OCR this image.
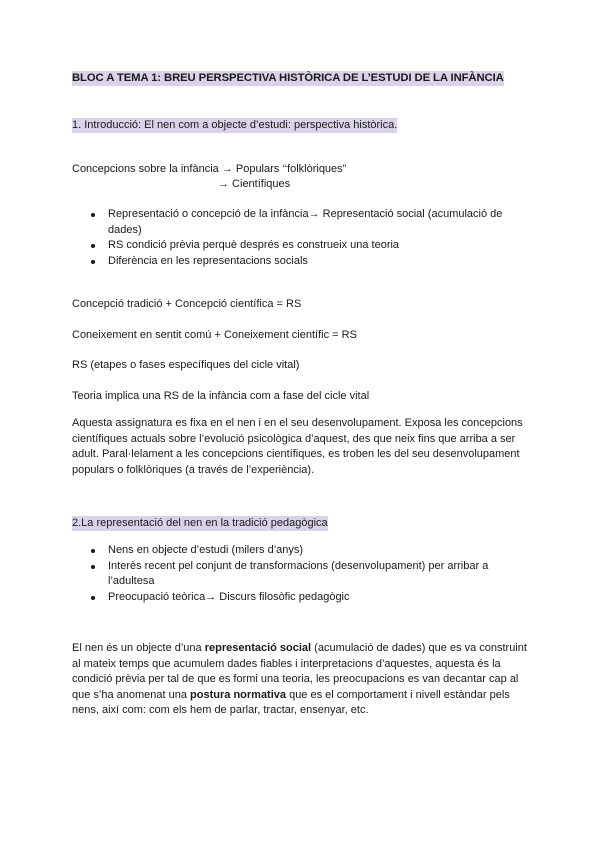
BLOC A TEMA 1: BREU PERSPECTIVA HISTÒRICA DE L’ESTUDI DE LA INFÀNCIA
1. Introducció: El nen com a objecte d’estudi: perspectiva històrica.
Concepcions sobre la infància → Populars ‘‘folklòriques”
→ Científiques
Representació o concepció de la infància→ Representació social (acumulació de dades)
RS condició prèvia perquè després es construeix una teoria
Diferència en les representacions socials
Concepció tradició + Concepció científica = RS
Coneixement en sentit comú + Coneixement científic = RS
RS (etapes o fases específiques del cicle vital)
Teoria implica una RS de la infància com a fase del cicle vital
Aquesta assignatura es fixa en el nen i en el seu desenvolupament. Exposa les concepcions científiques actuals sobre l’evolució psicològica d’aquest, des que neix fins que arriba a ser adult. Paral·lelament a les concepcions científiques, es troben les del seu desenvolupament populars o folklòriques (a través de l’experiència).
2.La representació del nen en la tradició pedagògica
Nens en objecte d’estudi (milers d’anys)
Interès recent pel conjunt de transformacions (desenvolupament) per arribar a l’adultesa
Preocupació teòrica→ Discurs filosòfic pedagògic
El nen és un objecte d’una representació social (acumulació de dades) que es va construint al mateix temps que acumulem dades fiables i interpretacions d’aquestes, aquesta és la condició prèvia per tal de que es formi una teoria, les preocupacions es van decantar cap al que s’ha anomenat una postura normativa que es el comportament i nivell estàndar pels nens, així com: com els hem de parlar, tractar, ensenyar, etc.
